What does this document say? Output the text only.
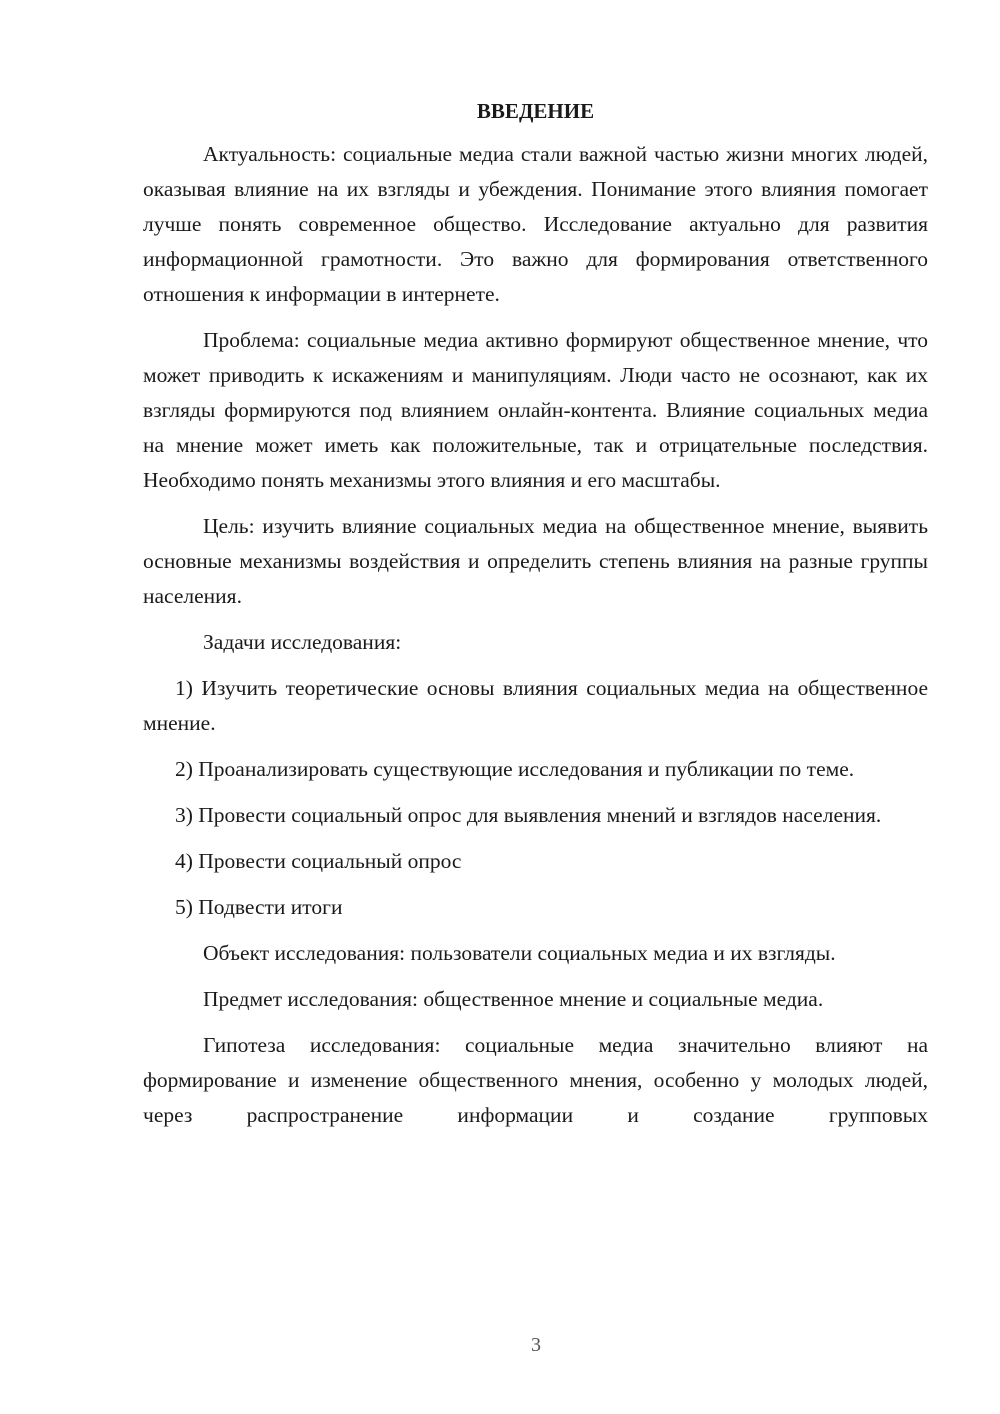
ВВЕДЕНИЕ

Актуальность: социальные медиа стали важной частью жизни многих людей, оказывая влияние на их взгляды и убеждения. Понимание этого влияния помогает лучше понять современное общество. Исследование актуально для развития информационной грамотности. Это важно для формирования ответственного отношения к информации в интернете.

Проблема: социальные медиа активно формируют общественное мнение, что может приводить к искажениям и манипуляциям. Люди часто не осознают, как их взгляды формируются под влиянием онлайн-контента. Влияние социальных медиа на мнение может иметь как положительные, так и отрицательные последствия. Необходимо понять механизмы этого влияния и его масштабы.

Цель: изучить влияние социальных медиа на общественное мнение, выявить основные механизмы воздействия и определить степень влияния на разные группы населения.

Задачи исследования:

1) Изучить теоретические основы влияния социальных медиа на общественное мнение.

2) Проанализировать существующие исследования и публикации по теме.

3) Провести социальный опрос для выявления мнений и взглядов населения.

4) Провести социальный опрос

5) Подвести итоги

Объект исследования: пользователи социальных медиа и их взгляды.

Предмет исследования: общественное мнение и социальные медиа.

Гипотеза исследования: социальные медиа значительно влияют на формирование и изменение общественного мнения, особенно у молодых людей, через распространение информации и создание групповых

3
